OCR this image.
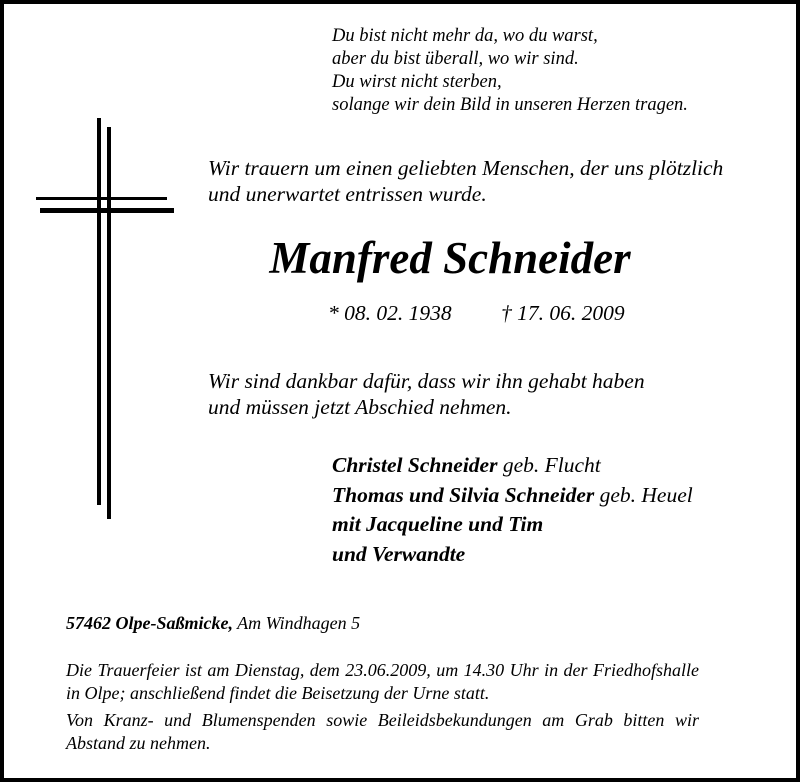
Du bist nicht mehr da, wo du warst,
aber du bist überall, wo wir sind.
Du wirst nicht sterben,
solange wir dein Bild in unseren Herzen tragen.
Wir trauern um einen geliebten Menschen, der uns plötzlich
und unerwartet entrissen wurde.
Manfred Schneider
* 08. 02. 1938 † 17. 06. 2009
Wir sind dankbar dafür, dass wir ihn gehabt haben
und müssen jetzt Abschied nehmen.
Christel Schneider geb. Flucht
Thomas und Silvia Schneider geb. Heuel
mit Jacqueline und Tim
und Verwandte
57462 Olpe-Saßmicke, Am Windhagen 5

Die Trauerfeier ist am Dienstag, dem 23.06.2009, um 14.30 Uhr in der Friedhofshalle in Olpe; anschließend findet die Beisetzung der Urne statt.

Von Kranz- und Blumenspenden sowie Beileidsbekundungen am Grab bitten wir Abstand zu nehmen.
